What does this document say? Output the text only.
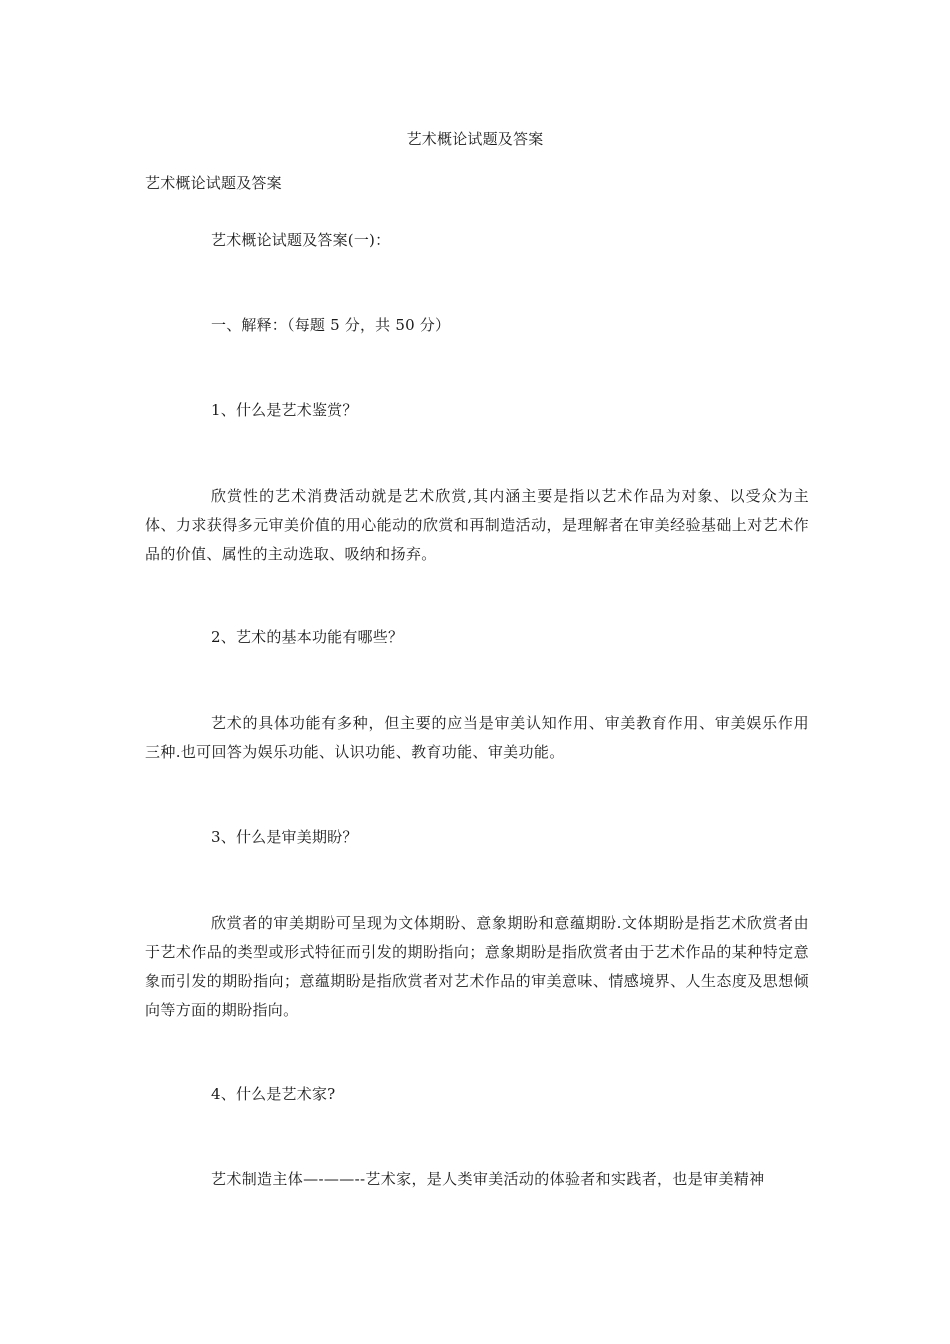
艺术概论试题及答案
艺术概论试题及答案
艺术概论试题及答案(一)：
一、解释：（每题 5 分，共 50 分）
1、什么是艺术鉴赏？
欣赏性的艺术消费活动就是艺术欣赏,其内涵主要是指以艺术作品为对象、以受众为主体、力求获得多元审美价值的用心能动的欣赏和再制造活动，是理解者在审美经验基础上对艺术作品的价值、属性的主动选取、吸纳和扬弃。
2、艺术的基本功能有哪些？
艺术的具体功能有多种，但主要的应当是审美认知作用、审美教育作用、审美娱乐作用三种.也可回答为娱乐功能、认识功能、教育功能、审美功能。
3、什么是审美期盼？
欣赏者的审美期盼可呈现为文体期盼、意象期盼和意蕴期盼.文体期盼是指艺术欣赏者由于艺术作品的类型或形式特征而引发的期盼指向；意象期盼是指欣赏者由于艺术作品的某种特定意象而引发的期盼指向；意蕴期盼是指欣赏者对艺术作品的审美意味、情感境界、人生态度及思想倾向等方面的期盼指向。
4、什么是艺术家?
艺术制造主体—-——--艺术家，是人类审美活动的体验者和实践者，也是审美精神
